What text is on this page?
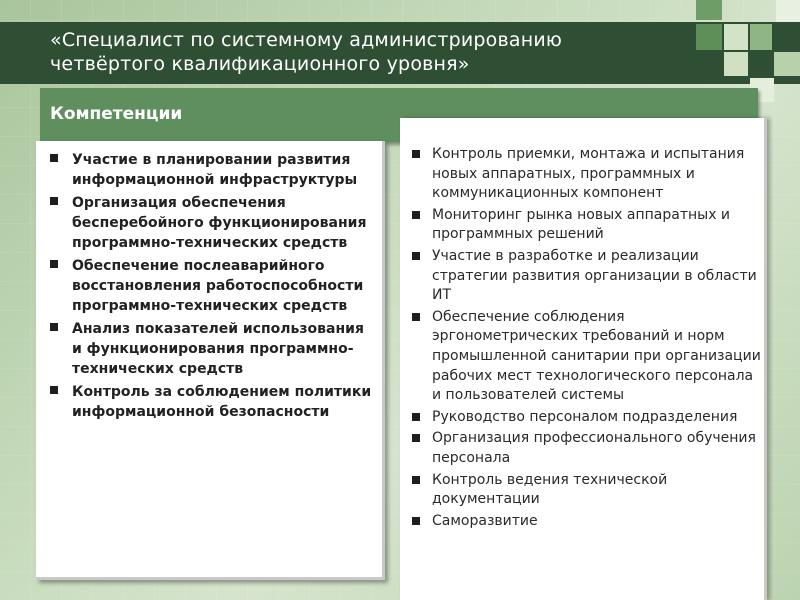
«Специалист по системному администрированию
четвёртого квалификационного уровня»
Компетенции
Участие в планировании развития информационной инфраструктуры
Организация обеспечения бесперебойного функционирования программно-технических средств
Обеспечение послеаварийного восстановления работоспособности программно-технических средств
Анализ показателей использования и функционирования программно-технических средств
Контроль за соблюдением политики информационной безопасности
Контроль приемки, монтажа и испытания новых аппаратных, программных и коммуникационных компонент
Мониторинг рынка новых аппаратных и программных решений
Участие в разработке и реализации стратегии развития организации в области ИТ
Обеспечение соблюдения эргонометрических требований и норм промышленной санитарии при организации рабочих мест технологического персонала и пользователей системы
Руководство персоналом подразделения
Организация профессионального обучения персонала
Контроль ведения технической документации
Саморазвитие
